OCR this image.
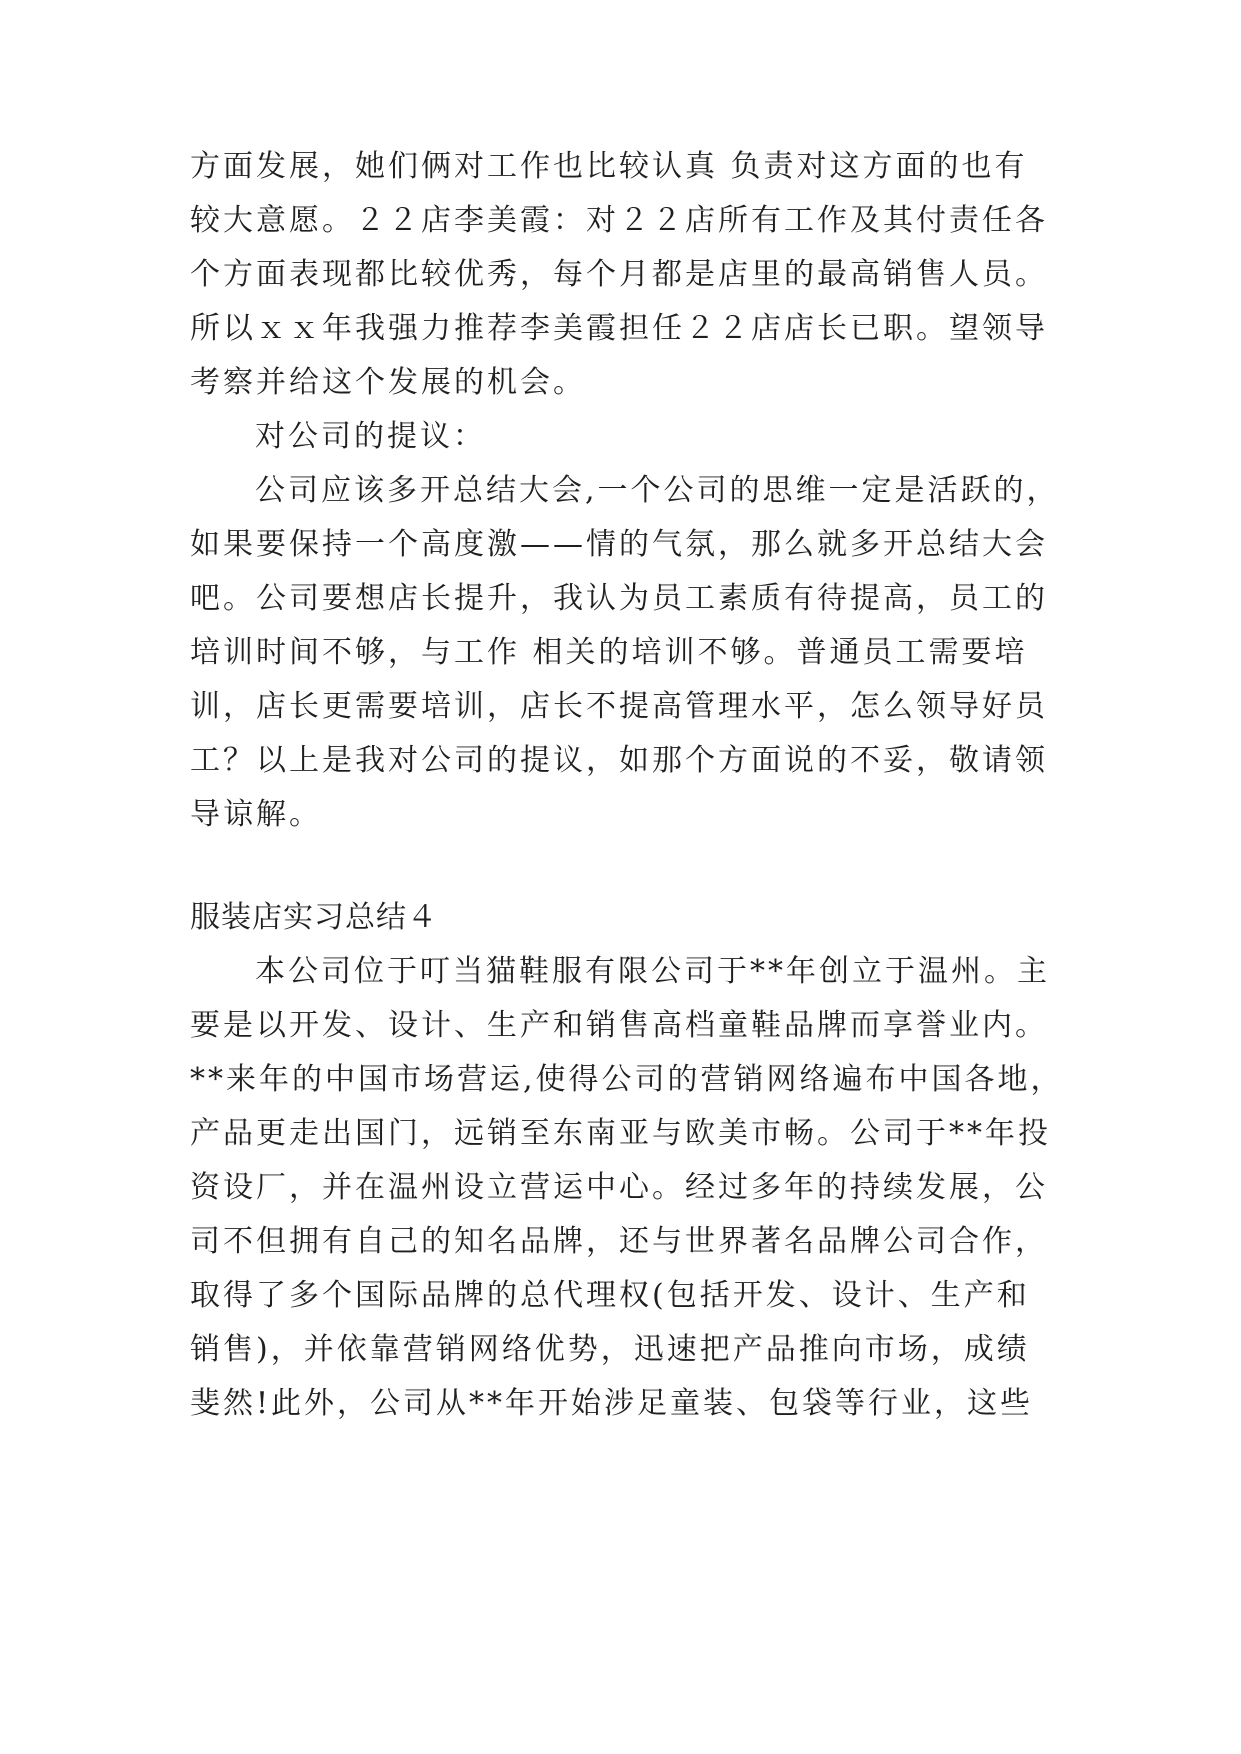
方面发展，她们俩对工作也比较认真 负责对这方面的也有
较大意愿。２２店李美霞：对２２店所有工作及其付责任各
个方面表现都比较优秀，每个月都是店里的最高销售人员。
所以ｘｘ年我强力推荐李美霞担任２２店店长已职。望领导
考察并给这个发展的机会。
对公司的提议：
公司应该多开总结大会,一个公司的思维一定是活跃的，
如果要保持一个高度激——情的气氛，那么就多开总结大会
吧。公司要想店长提升，我认为员工素质有待提高，员工的
培训时间不够，与工作 相关的培训不够。普通员工需要培
训，店长更需要培训，店长不提高管理水平，怎么领导好员
工？以上是我对公司的提议，如那个方面说的不妥，敬请领
导谅解。
服装店实习总结４
本公司位于叮当猫鞋服有限公司于**年创立于温州。主
要是以开发、设计、生产和销售高档童鞋品牌而享誉业内。
**来年的中国市场营运,使得公司的营销网络遍布中国各地，
产品更走出国门，远销至东南亚与欧美市畅。公司于**年投
资设厂，并在温州设立营运中心。经过多年的持续发展，公
司不但拥有自己的知名品牌，还与世界著名品牌公司合作，
取得了多个国际品牌的总代理权(包括开发、设计、生产和
销售)，并依靠营销网络优势，迅速把产品推向市场，成绩
斐然!此外，公司从**年开始涉足童装、包袋等行业，这些
